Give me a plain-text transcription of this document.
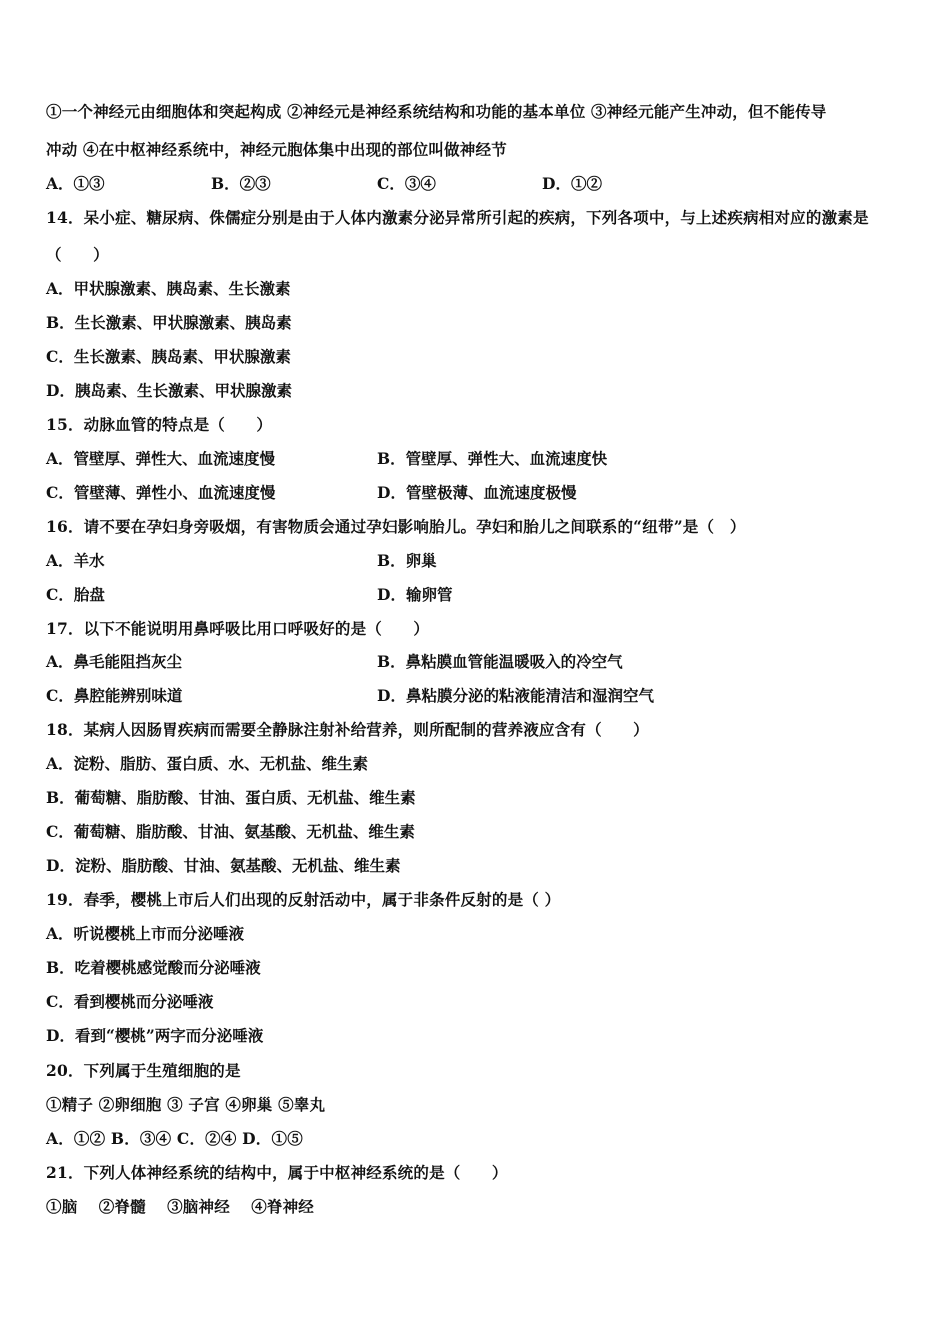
①一个神经元由细胞体和突起构成 ②神经元是神经系统结构和功能的基本单位 ③神经元能产生冲动，但不能传导
冲动 ④在中枢神经系统中，神经元胞体集中出现的部位叫做神经节
A．①③	B．②③	C．③④	D．①②
14．呆小症、糖尿病、侏儒症分别是由于人体内激素分泌异常所引起的疾病，下列各项中，与上述疾病相对应的激素是
（　　）
A．甲状腺激素、胰岛素、生长激素
B．生长激素、甲状腺激素、胰岛素
C．生长激素、胰岛素、甲状腺激素
D．胰岛素、生长激素、甲状腺激素
15．动脉血管的特点是（　　）
A．管壁厚、弹性大、血流速度慢	B．管壁厚、弹性大、血流速度快
C．管壁薄、弹性小、血流速度慢	D．管壁极薄、血流速度极慢
16．请不要在孕妇身旁吸烟，有害物质会通过孕妇影响胎儿。孕妇和胎儿之间联系的“纽带”是（　）
A．羊水	B．卵巢
C．胎盘	D．输卵管
17．以下不能说明用鼻呼吸比用口呼吸好的是（　　）
A．鼻毛能阻挡灰尘	B．鼻粘膜血管能温暖吸入的冷空气
C．鼻腔能辨别味道	D．鼻粘膜分泌的粘液能清洁和湿润空气
18．某病人因肠胃疾病而需要全静脉注射补给营养，则所配制的营养液应含有（　　）
A．淀粉、脂肪、蛋白质、水、无机盐、维生素
B．葡萄糖、脂肪酸、甘油、蛋白质、无机盐、维生素
C．葡萄糖、脂肪酸、甘油、氨基酸、无机盐、维生素
D．淀粉、脂肪酸、甘油、氨基酸、无机盐、维生素
19．春季，樱桃上市后人们出现的反射活动中，属于非条件反射的是（ ）
A．听说樱桃上市而分泌唾液
B．吃着樱桃感觉酸而分泌唾液
C．看到樱桃而分泌唾液
D．看到“樱桃”两字而分泌唾液
20．下列属于生殖细胞的是
①精子 ②卵细胞 ③ 子宫 ④卵巢 ⑤睾丸
A．①② B．③④ C．②④ D．①⑤
21．下列人体神经系统的结构中，属于中枢神经系统的是（　　）
①脑　 ②脊髓　 ③脑神经　 ④脊神经
